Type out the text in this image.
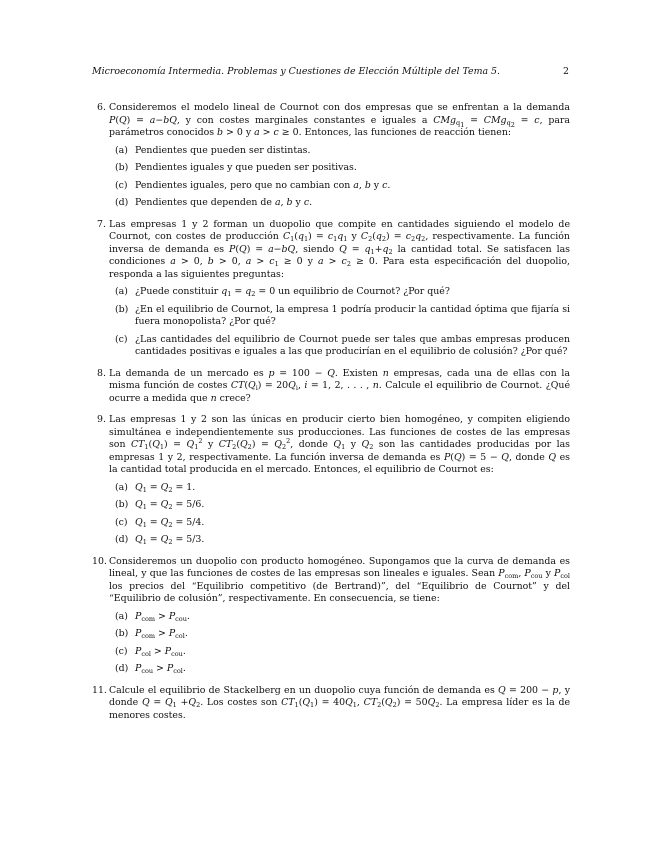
Microeconomía Intermedia. Problemas y Cuestiones de Elección Múltiple del Tema 5.	2
6. Consideremos el modelo lineal de Cournot con dos empresas que se enfrentan a la demanda P(Q) = a−bQ, y con costes marginales constantes e iguales a CMg$_{q_1}$ = CMg$_{q_2}$ = c, para parámetros conocidos b > 0 y a > c ≥ 0. Entonces, las funciones de reacción tienen:
(a) Pendientes que pueden ser distintas.
(b) Pendientes iguales y que pueden ser positivas.
(c) Pendientes iguales, pero que no cambian con a, b y c.
(d) Pendientes que dependen de a, b y c.
7. Las empresas 1 y 2 forman un duopolio que compite en cantidades siguiendo el modelo de Cournot, con costes de producción $C_1(q_1) = c_1q_1$ y $C_2(q_2) = c_2q_2$, respectivamente. La función inversa de demanda es P(Q) = a−bQ, siendo $Q = q_1+q_2$ la cantidad total. Se satisfacen las condiciones a > 0, b > 0, $a > c_1 \ge 0$ y $a > c_2 \ge 0$. Para esta especificación del duopolio, responda a las siguientes preguntas:
(a) ¿Puede constituir $q_1 = q_2 = 0$ un equilibrio de Cournot? ¿Por qué?
(b) ¿En el equilibrio de Cournot, la empresa 1 podría producir la cantidad óptima que fijaría si fuera monopolista? ¿Por qué?
(c) ¿Las cantidades del equilibrio de Cournot puede ser tales que ambas empresas producen cantidades positivas e iguales a las que producirían en el equilibrio de colusión? ¿Por qué?
8. La demanda de un mercado es p = 100 − Q. Existen n empresas, cada una de ellas con la misma función de costes $CT(Q_i) = 20Q_i$, i = 1, 2, . . . , n. Calcule el equilibrio de Cournot. ¿Qué ocurre a medida que n crece?
9. Las empresas 1 y 2 son las únicas en producir cierto bien homogéneo, y compiten eligiendo simultánea e independientemente sus producciones. Las funciones de costes de las empresas son $CT_1(Q_1) = Q_1^2$ y $CT_2(Q_2) = Q_2^2$, donde $Q_1$ y $Q_2$ son las cantidades producidas por las empresas 1 y 2, respectivamente. La función inversa de demanda es P(Q) = 5 − Q, donde Q es la cantidad total producida en el mercado. Entonces, el equilibrio de Cournot es:
(a) $Q_1 = Q_2 = 1$.
(b) $Q_1 = Q_2 = 5/6$.
(c) $Q_1 = Q_2 = 5/4$.
(d) $Q_1 = Q_2 = 5/3$.
10. Consideremos un duopolio con producto homogéneo. Supongamos que la curva de demanda es lineal, y que las funciones de costes de las empresas son lineales e iguales. Sean $P_{com}$, $P_{cou}$ y $P_{col}$ los precios del “Equilibrio competitivo (de Bertrand)”, del “Equilibrio de Cournot” y del “Equilibrio de colusión”, respectivamente. En consecuencia, se tiene:
(a) $P_{com} > P_{cou}$.
(b) $P_{com} > P_{col}$.
(c) $P_{col} > P_{cou}$.
(d) $P_{cou} > P_{col}$.
11. Calcule el equilibrio de Stackelberg en un duopolio cuya función de demanda es Q = 200 − p, y donde $Q = Q_1 +Q_2$. Los costes son $CT_1(Q_1) = 40Q_1$, $CT_2(Q_2) = 50Q_2$. La empresa líder es la de menores costes.
